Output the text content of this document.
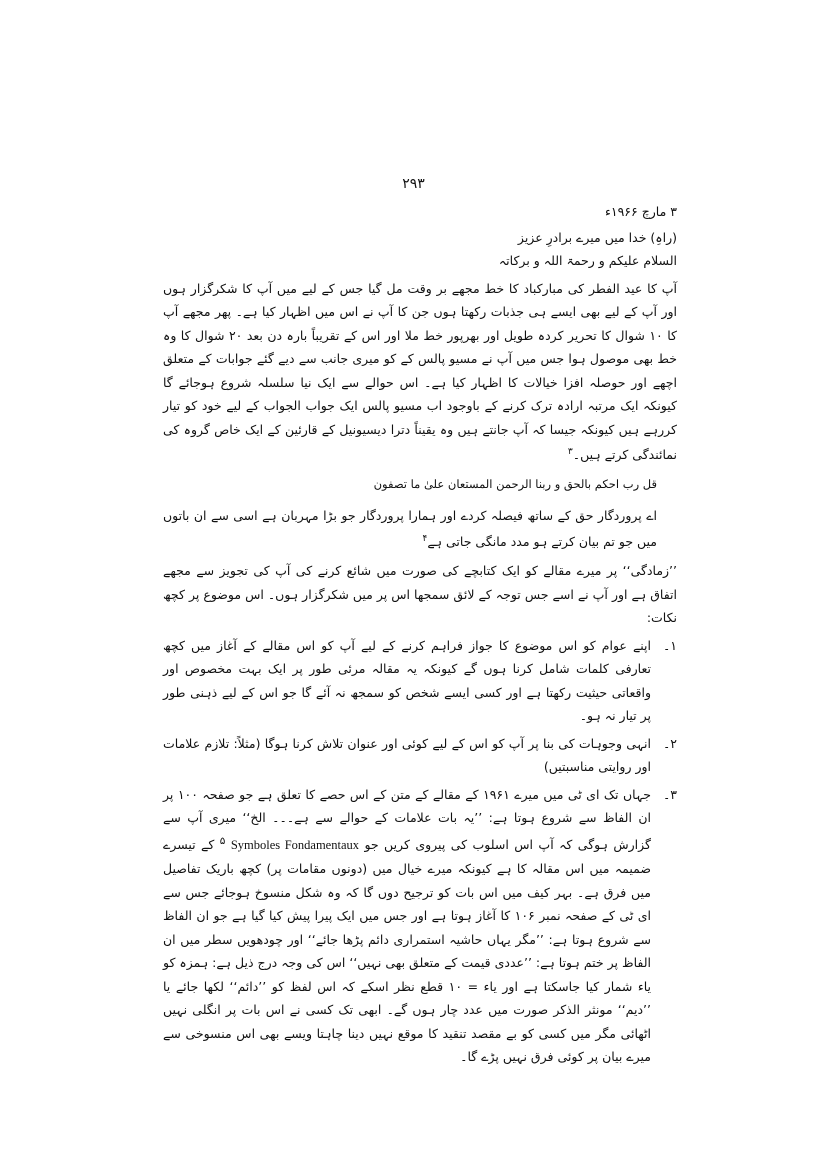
۲۹۳

۳ مارچ ۱۹۶۶ء

(راہِ) خدا میں میرے برادرِ عزیز

السلام علیکم و رحمۃ اللہ و برکاتہ

آپ کا عید الفطر کی مبارکباد کا خط مجھے بر وقت مل گیا جس کے لیے میں آپ کا شکرگزار ہوں اور آپ کے لیے بھی ایسے ہی جذبات رکھتا ہوں جن کا آپ نے اس میں اظہار کیا ہے۔ پھر مجھے آپ کا ۱۰ شوال کا تحریر کردہ طویل اور بھرپور خط ملا اور اس کے تقریباً بارہ دن بعد ۲۰ شوال کا وہ خط بھی موصول ہوا جس میں آپ نے مسیو پالس کے کو میری جانب سے دیے گئے جوابات کے متعلق اچھے اور حوصلہ افزا خیالات کا اظہار کیا ہے۔ اس حوالے سے ایک نیا سلسلہ شروع ہوجائے گا کیونکہ ایک مرتبہ ارادہ ترک کرنے کے باوجود اب مسیو پالس ایک جواب الجواب کے لیے خود کو تیار کررہے ہیں کیونکہ جیسا کہ آپ جانتے ہیں وہ یقیناً دترا دیسیونیل کے قارئین کے ایک خاص گروہ کی نمائندگی کرتے ہیں۔$^۳$

قل رب احکم بالحق و ربنا الرحمن المستعان علیٰ ما تصفون

اے پروردگار حق کے ساتھ فیصلہ کردے اور ہمارا پروردگار جو بڑا مہربان ہے اسی سے ان باتوں میں جو تم بیان کرتے ہو مدد مانگی جاتی ہے$^۴$

’’زمادگی‘‘ پر میرے مقالے کو ایک کتابچے کی صورت میں شائع کرنے کی آپ کی تجویز سے مجھے اتفاق ہے اور آپ نے اسے جس توجہ کے لائق سمجھا اس پر میں شکرگزار ہوں۔ اس موضوع پر کچھ نکات:

۱۔
اپنے عوام کو اس موضوع کا جواز فراہم کرنے کے لیے آپ کو اس مقالے کے آغاز میں کچھ تعارفی کلمات شامل کرنا ہوں گے کیونکہ یہ مقالہ مرئی طور پر ایک بہت مخصوص اور واقعاتی حیثیت رکھتا ہے اور کسی ایسے شخص کو سمجھ نہ آئے گا جو اس کے لیے ذہنی طور پر تیار نہ ہو۔
۲۔
انہی وجوہات کی بنا پر آپ کو اس کے لیے کوئی اور عنوان تلاش کرنا ہوگا (مثلاً: تلازم علامات اور روایتی مناسبتیں)
۳۔
جہاں تک ای ٹی میں میرے ۱۹۶۱ کے مقالے کے متن کے اس حصے کا تعلق ہے جو صفحہ ۱۰۰ پر ان الفاظ سے شروع ہوتا ہے: ’’یہ بات علامات کے حوالے سے ہے۔۔۔ الخ‘‘ میری آپ سے گزارش ہوگی کہ آپ اس اسلوب کی پیروی کریں جو Symboles Fondamentaux $^۵$ کے تیسرے ضمیمہ میں اس مقالہ کا ہے کیونکہ میرے خیال میں (دونوں مقامات پر) کچھ باریک تفاصیل میں فرق ہے۔ بہر کیف میں اس بات کو ترجیح دوں گا کہ وہ شکل منسوخ ہوجائے جس سے ای ٹی کے صفحہ نمبر ۱۰۶ کا آغاز ہوتا ہے اور جس میں ایک پیرا پیش کیا گیا ہے جو ان الفاظ سے شروع ہوتا ہے: ’’مگر یہاں حاشیہ استمراری دائم پڑھا جائے‘‘ اور چودھویں سطر میں ان الفاظ پر ختم ہوتا ہے: ’’عددی قیمت کے متعلق بھی نہیں‘‘ اس کی وجہ درج ذیل ہے: ہمزہ کو یاء شمار کیا جاسکتا ہے اور یاء = ۱۰ قطع نظر اسکے کہ اس لفظ کو ’’دائم‘‘ لکھا جائے یا ’’دیم‘‘ مونثر الذکر صورت میں عدد چار ہوں گے۔ ابھی تک کسی نے اس بات پر انگلی نہیں اٹھائی مگر میں کسی کو بے مقصد تنقید کا موقع نہیں دینا چاہتا ویسے بھی اس منسوخی سے میرے بیان پر کوئی فرق نہیں پڑے گا۔
